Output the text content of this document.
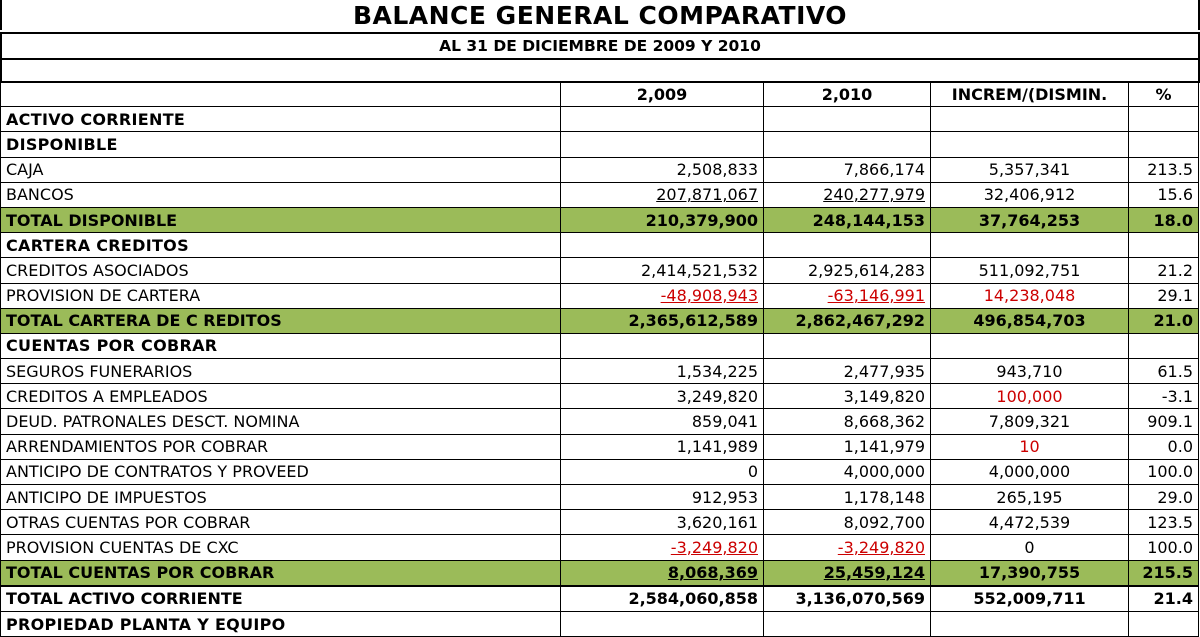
BALANCE GENERAL COMPARATIVO
AL 31 DE DICIEMBRE DE 2009 Y 2010
	2,009	2,010	INCREM/(DISMIN.	%
ACTIVO CORRIENTE				
DISPONIBLE				
CAJA	2,508,833	7,866,174	5,357,341	213.5
BANCOS	207,871,067	240,277,979	32,406,912	15.6
TOTAL DISPONIBLE	210,379,900	248,144,153	37,764,253	18.0
CARTERA CREDITOS				
CREDITOS ASOCIADOS	2,414,521,532	2,925,614,283	511,092,751	21.2
PROVISION DE CARTERA	-48,908,943	-63,146,991	14,238,048	29.1
TOTAL CARTERA DE C REDITOS	2,365,612,589	2,862,467,292	496,854,703	21.0
CUENTAS POR COBRAR				
SEGUROS FUNERARIOS	1,534,225	2,477,935	943,710	61.5
CREDITOS A EMPLEADOS	3,249,820	3,149,820	100,000	-3.1
DEUD. PATRONALES DESCT. NOMINA	859,041	8,668,362	7,809,321	909.1
ARRENDAMIENTOS POR COBRAR	1,141,989	1,141,979	10	0.0
ANTICIPO DE CONTRATOS Y PROVEED	0	4,000,000	4,000,000	100.0
ANTICIPO DE IMPUESTOS	912,953	1,178,148	265,195	29.0
OTRAS CUENTAS POR COBRAR	3,620,161	8,092,700	4,472,539	123.5
PROVISION CUENTAS DE CXC	-3,249,820	-3,249,820	0	100.0
TOTAL CUENTAS POR COBRAR	8,068,369	25,459,124	17,390,755	215.5
TOTAL ACTIVO CORRIENTE	2,584,060,858	3,136,070,569	552,009,711	21.4
PROPIEDAD PLANTA Y EQUIPO				
